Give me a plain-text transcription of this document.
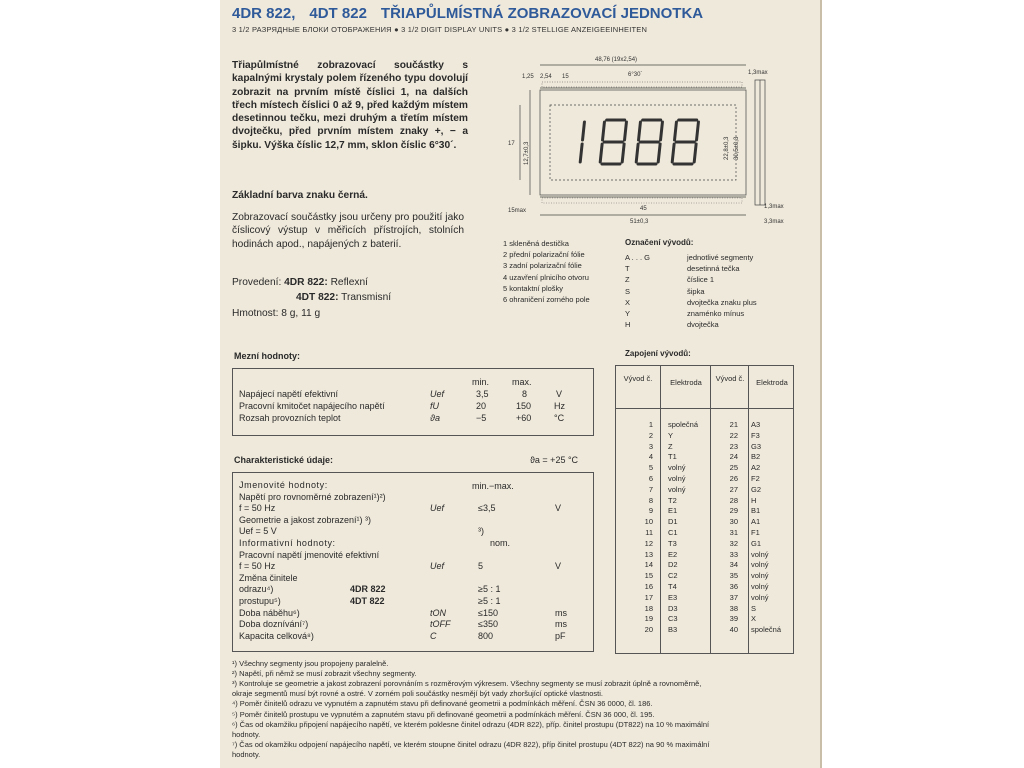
4DR 822, 4DT 822 TŘIAPŮLMÍSTNÁ ZOBRAZOVACÍ JEDNOTKA
3 1/2 РАЗРЯДНЫЕ БЛОКИ ОТОБРАЖЕНИЯ ● 3 1/2 DIGIT DISPLAY UNITS ● 3 1/2 STELLIGE ANZEIGEEINHEITEN
Třiapůlmístné zobrazovací součástky s kapalnými krystaly polem řízeného typu dovolují zobrazit na prvním místě číslici 1, na dalších třech místech číslici 0 až 9, před každým místem desetinnou tečku, mezi druhým a třetím místem dvojtečku, před prvním místem znaky +, − a šipku. Výška číslic 12,7 mm, sklon číslic 6°30´.
Základní barva znaku černá.
Zobrazovací součástky jsou určeny pro použití jako číslicový výstup v měřicích přístrojích, stolních hodinách apod., napájených z baterií.
Provedení: 4DR 822: Reflexní
4DT 822: Transmisní
Hmotnost: 8 g, 11 g
48,76 (19x2,54)
1,25 2,54 15	6°30´	1,3max
45
15max
51±0,3	3,3max
1,3max
17 12,7±0,3	22,8±0,3 30,5±0,3
1 skleněná destička
2 přední polarizační fólie
3 zadní polarizační fólie
4 uzavření plnicího otvoru
5 kontaktní plošky
6 ohraničení zorného pole
Označení vývodů:
A . . . G	jednotlivé segmenty
T	desetinná tečka
Z	číslice 1
S	šipka
X	dvojtečka znaku plus
Y	znaménko mínus
H	dvojtečka
Mezní hodnoty:
min.	max.
Napájecí napětí efektivní	Uef	3,5	8	V
Pracovní kmitočet napájecího napětí	fU	20	150	Hz
Rozsah provozních teplot	ϑa	−5	+60	°C
Charakteristické údaje:	ϑa = +25 °C
min.−max.
Jmenovité hodnoty:
Napětí pro rovnoměrné zobrazení¹)²)
f = 50 Hz	Uef	≤3,5	V
Geometrie a jakost zobrazení¹) ³)
Uef = 5 V	³)
Informativní hodnoty:	nom.
Pracovní napětí jmenovité efektivní
f = 50 Hz	Uef	5	V
Změna činitele
odrazu⁴)	4DR 822	≥5 : 1
prostupu⁵)	4DT 822	≥5 : 1
Doba náběhu⁶)	tON	≤150	ms
Doba doznívání⁷)	tOFF	≤350	ms
Kapacita celková⁸)	C	800	pF
Zapojení vývodů:
Vývod č.	Elektroda	Vývod č.	Elektroda
1 společná	21 A3
2 Y	22 F3
3 Z	23 G3
4 T1	24 B2
5 volný	25 A2
6 volný	26 F2
7 volný	27 G2
8 T2	28 H
9 E1	29 B1
10 D1	30 A1
11 C1	31 F1
12 T3	32 G1
13 E2	33 volný
14 D2	34 volný
15 C2	35 volný
16 T4	36 volný
17 E3	37 volný
18 D3	38 S
19 C3	39 X
20 B3	40 společná
¹) Všechny segmenty jsou propojeny paralelně.
²) Napětí, při němž se musí zobrazit všechny segmenty.
³) Kontroluje se geometrie a jakost zobrazení porovnáním s rozměrovým výkresem. Všechny segmenty se musí zobrazit úplně a rovnoměrně,
okraje segmentů musí být rovné a ostré. V zorném poli součástky nesmějí být vady zhoršující optické vlastnosti.
⁴) Poměr činitelů odrazu ve vypnutém a zapnutém stavu při definované geometrii a podmínkách měření. ČSN 36 0000, čl. 186.
⁵) Poměr činitelů prostupu ve vypnutém a zapnutém stavu při definované geometrii a podmínkách měření. ČSN 36 000, čl. 195.
⁶) Čas od okamžiku připojení napájecího napětí, ve kterém poklesne činitel odrazu (4DR 822), příp. činitel prostupu (DT822) na 10 % maximální
hodnoty.
⁷) Čas od okamžiku odpojení napájecího napětí, ve kterém stoupne činitel odrazu (4DR 822), příp činitel prostupu (4DT 822) na 90 % maximální
hodnoty.
